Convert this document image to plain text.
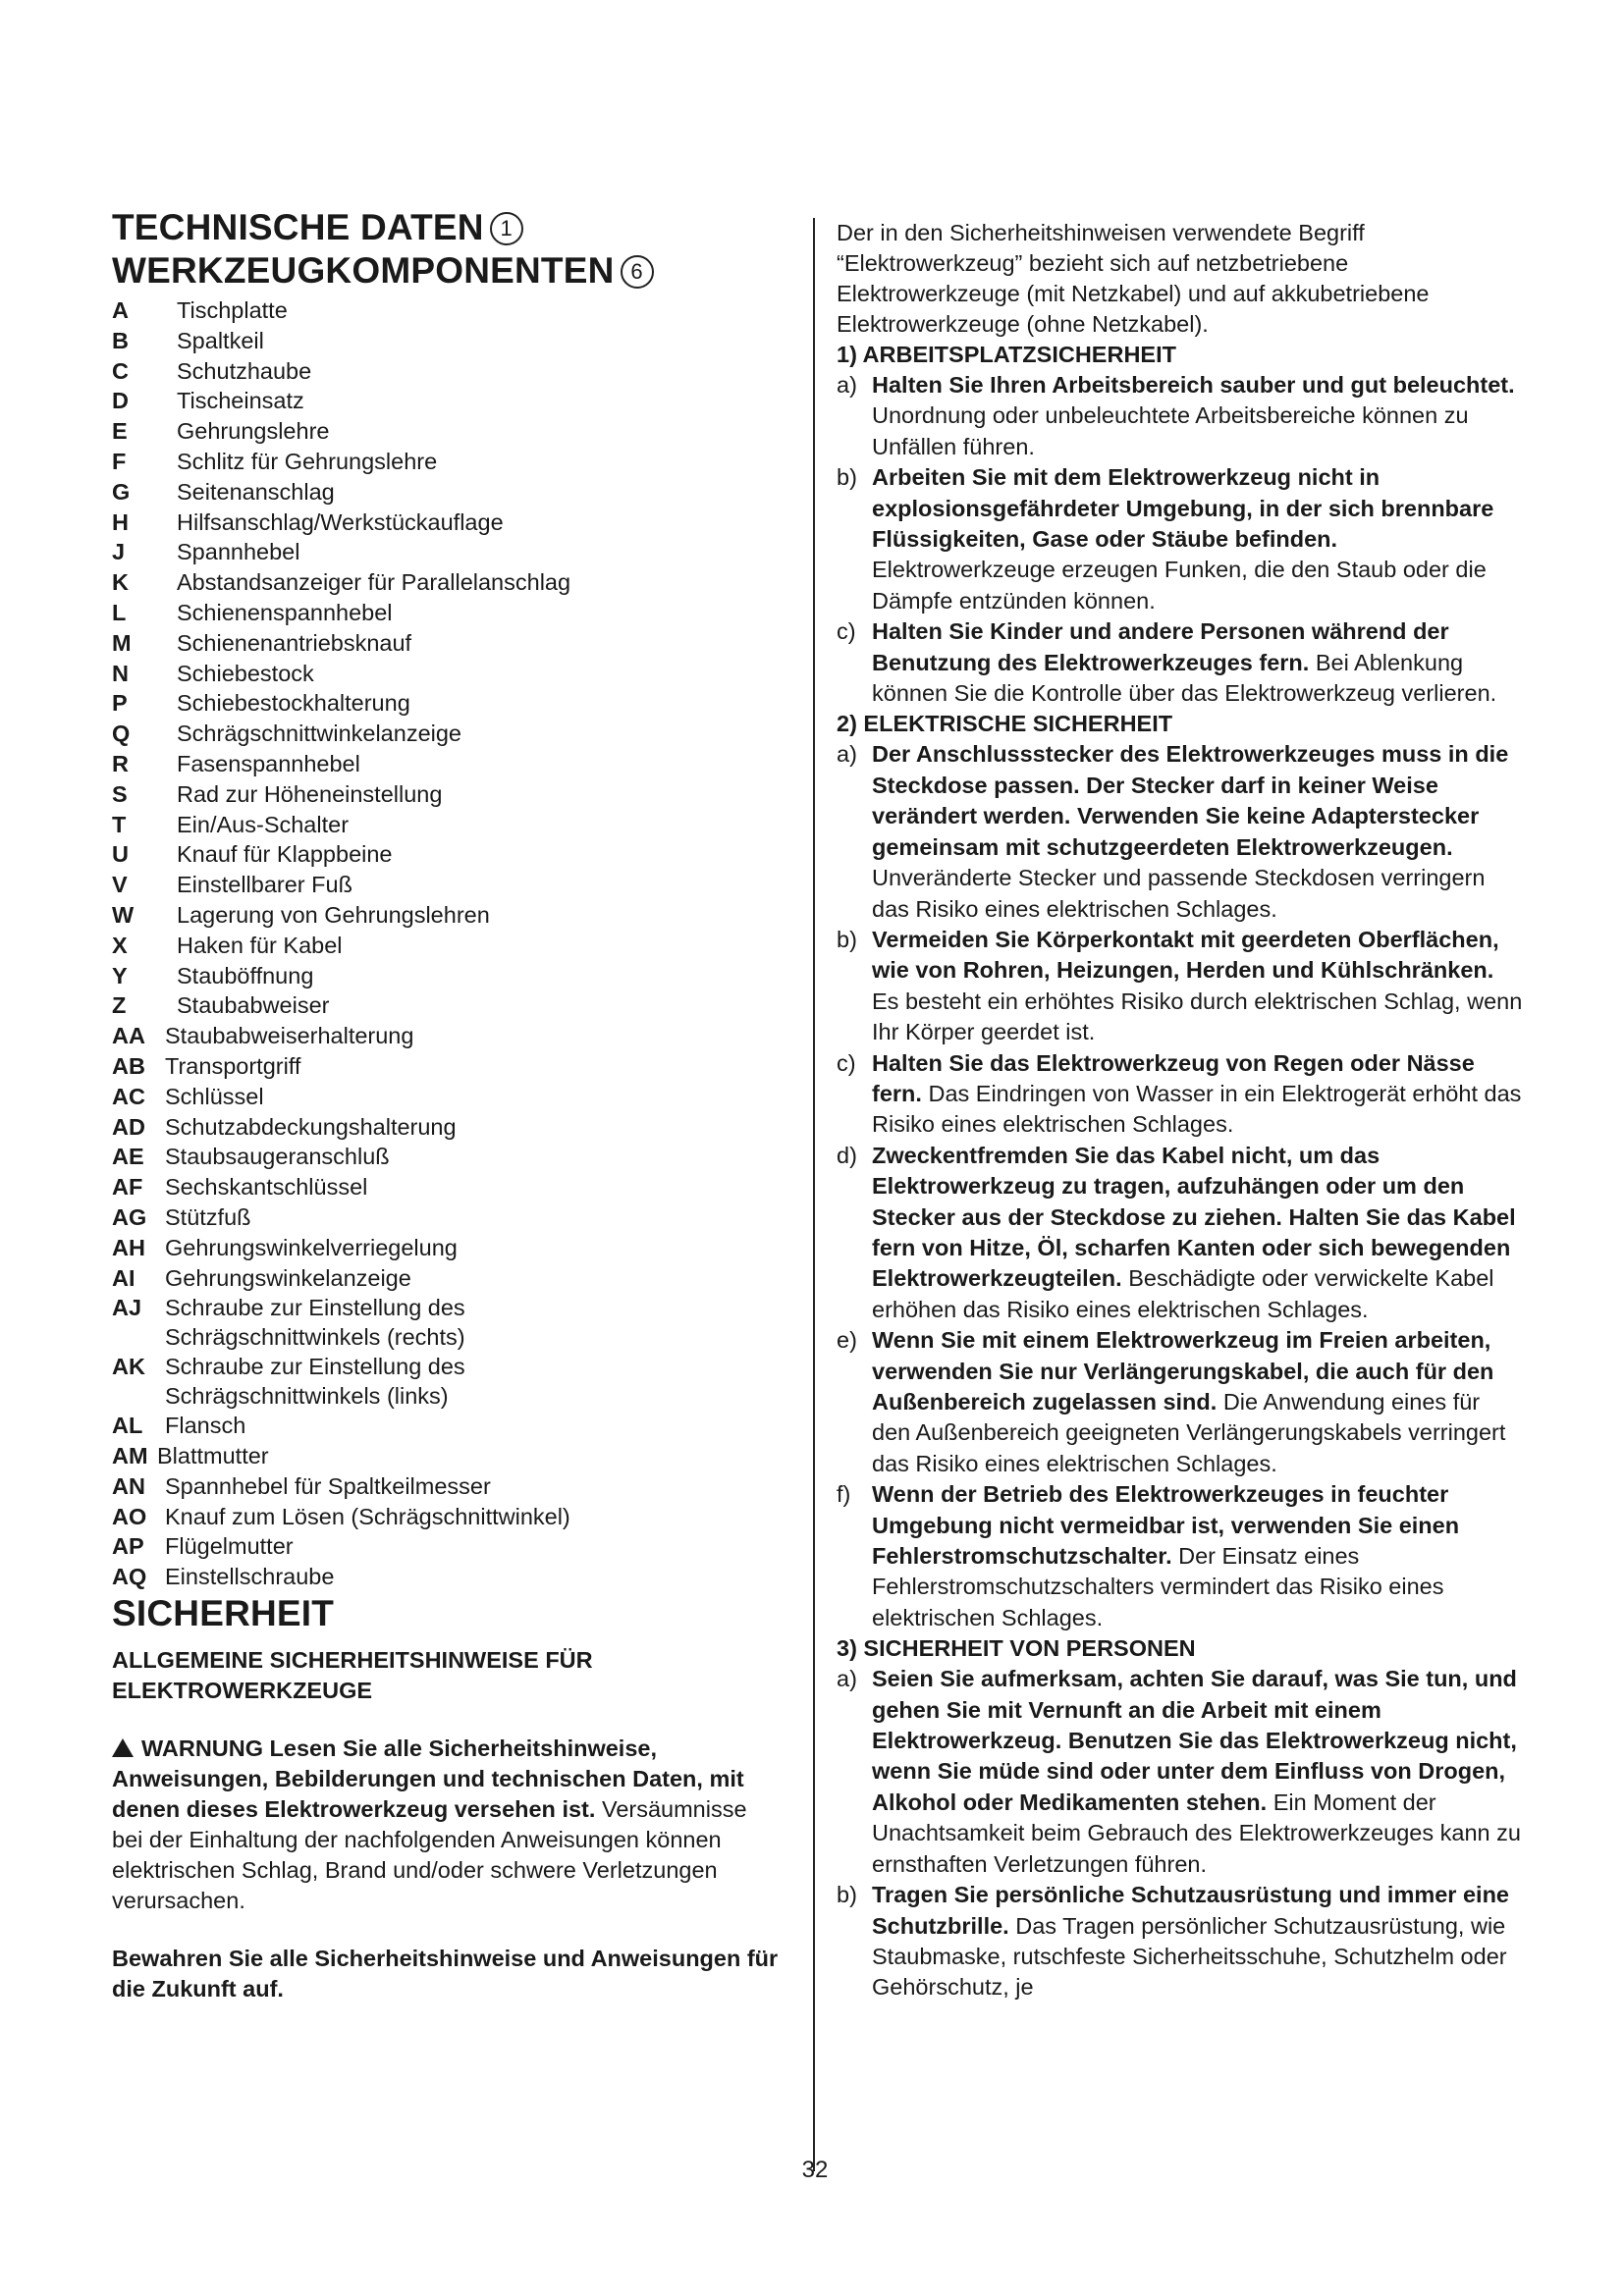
TECHNISCHE DATEN 1
WERKZEUGKOMPONENTEN 6
A	Tischplatte
B	Spaltkeil
C	Schutzhaube
D	Tischeinsatz
E	Gehrungslehre
F	Schlitz für Gehrungslehre
G	Seitenanschlag
H	Hilfsanschlag/Werkstückauflage
J	Spannhebel
K	Abstandsanzeiger für Parallelanschlag
L	Schienenspannhebel
M	Schienenantriebsknauf
N	Schiebestock
P	Schiebestockhalterung
Q	Schrägschnittwinkelanzeige
R	Fasenspannhebel
S	Rad zur Höheneinstellung
T	Ein/Aus-Schalter
U	Knauf für Klappbeine
V	Einstellbarer Fuß
W	Lagerung von Gehrungslehren
X	Haken für Kabel
Y	Stauböffnung
Z	Staubabweiser
AA Staubabweiserhalterung
AB Transportgriff
AC Schlüssel
AD Schutzabdeckungshalterung
AE Staubsaugeranschluß
AF Sechskantschlüssel
AG Stützfuß
AH Gehrungswinkelverriegelung
AI	Gehrungswinkelanzeige
AJ	Schraube zur Einstellung des
Schrägschnittwinkels (rechts)
AK Schraube zur Einstellung des
Schrägschnittwinkels (links)
AL Flansch
AM Blattmutter
AN Spannhebel für Spaltkeilmesser
AO Knauf zum Lösen (Schrägschnittwinkel)
AP Flügelmutter
AQ Einstellschraube
SICHERHEIT
ALLGEMEINE SICHERHEITSHINWEISE FÜR ELEKTROWERKZEUGE
WARNUNG Lesen Sie alle Sicherheitshinweise, Anweisungen, Bebilderungen und technischen Daten, mit denen dieses Elektrowerkzeug versehen ist. Versäumnisse bei der Einhaltung der nachfolgenden Anweisungen können elektrischen Schlag, Brand und/oder schwere Verletzungen verursachen.
Bewahren Sie alle Sicherheitshinweise und Anweisungen für die Zukunft auf.
Der in den Sicherheitshinweisen verwendete Begriff “Elektrowerkzeug” bezieht sich auf netzbetriebene Elektrowerkzeuge (mit Netzkabel) und auf akkubetriebene Elektrowerkzeuge (ohne Netzkabel).
1) ARBEITSPLATZSICHERHEIT
a) Halten Sie Ihren Arbeitsbereich sauber und gut beleuchtet. Unordnung oder unbeleuchtete Arbeitsbereiche können zu Unfällen führen.
b) Arbeiten Sie mit dem Elektrowerkzeug nicht in explosionsgefährdeter Umgebung, in der sich brennbare Flüssigkeiten, Gase oder Stäube befinden. Elektrowerkzeuge erzeugen Funken, die den Staub oder die Dämpfe entzünden können.
c) Halten Sie Kinder und andere Personen während der Benutzung des Elektrowerkzeuges fern. Bei Ablenkung können Sie die Kontrolle über das Elektrowerkzeug verlieren.
2) ELEKTRISCHE SICHERHEIT
a) Der Anschlussstecker des Elektrowerkzeuges muss in die Steckdose passen. Der Stecker darf in keiner Weise verändert werden. Verwenden Sie keine Adapterstecker gemeinsam mit schutzgeerdeten Elektrowerkzeugen. Unveränderte Stecker und passende Steckdosen verringern das Risiko eines elektrischen Schlages.
b) Vermeiden Sie Körperkontakt mit geerdeten Oberflächen, wie von Rohren, Heizungen, Herden und Kühlschränken. Es besteht ein erhöhtes Risiko durch elektrischen Schlag, wenn Ihr Körper geerdet ist.
c) Halten Sie das Elektrowerkzeug von Regen oder Nässe fern. Das Eindringen von Wasser in ein Elektrogerät erhöht das Risiko eines elektrischen Schlages.
d) Zweckentfremden Sie das Kabel nicht, um das Elektrowerkzeug zu tragen, aufzuhängen oder um den Stecker aus der Steckdose zu ziehen. Halten Sie das Kabel fern von Hitze, Öl, scharfen Kanten oder sich bewegenden Elektrowerkzeugteilen. Beschädigte oder verwickelte Kabel erhöhen das Risiko eines elektrischen Schlages.
e) Wenn Sie mit einem Elektrowerkzeug im Freien arbeiten, verwenden Sie nur Verlängerungskabel, die auch für den Außenbereich zugelassen sind. Die Anwendung eines für den Außenbereich geeigneten Verlängerungskabels verringert das Risiko eines elektrischen Schlages.
f) Wenn der Betrieb des Elektrowerkzeuges in feuchter Umgebung nicht vermeidbar ist, verwenden Sie einen Fehlerstromschutzschalter. Der Einsatz eines Fehlerstromschutzschalters vermindert das Risiko eines elektrischen Schlages.
3) SICHERHEIT VON PERSONEN
a) Seien Sie aufmerksam, achten Sie darauf, was Sie tun, und gehen Sie mit Vernunft an die Arbeit mit einem Elektrowerkzeug. Benutzen Sie das Elektrowerkzeug nicht, wenn Sie müde sind oder unter dem Einfluss von Drogen, Alkohol oder Medikamenten stehen. Ein Moment der Unachtsamkeit beim Gebrauch des Elektrowerkzeuges kann zu ernsthaften Verletzungen führen.
b) Tragen Sie persönliche Schutzausrüstung und immer eine Schutzbrille. Das Tragen persönlicher Schutzausrüstung, wie Staubmaske, rutschfeste Sicherheitsschuhe, Schutzhelm oder Gehörschutz, je
32
